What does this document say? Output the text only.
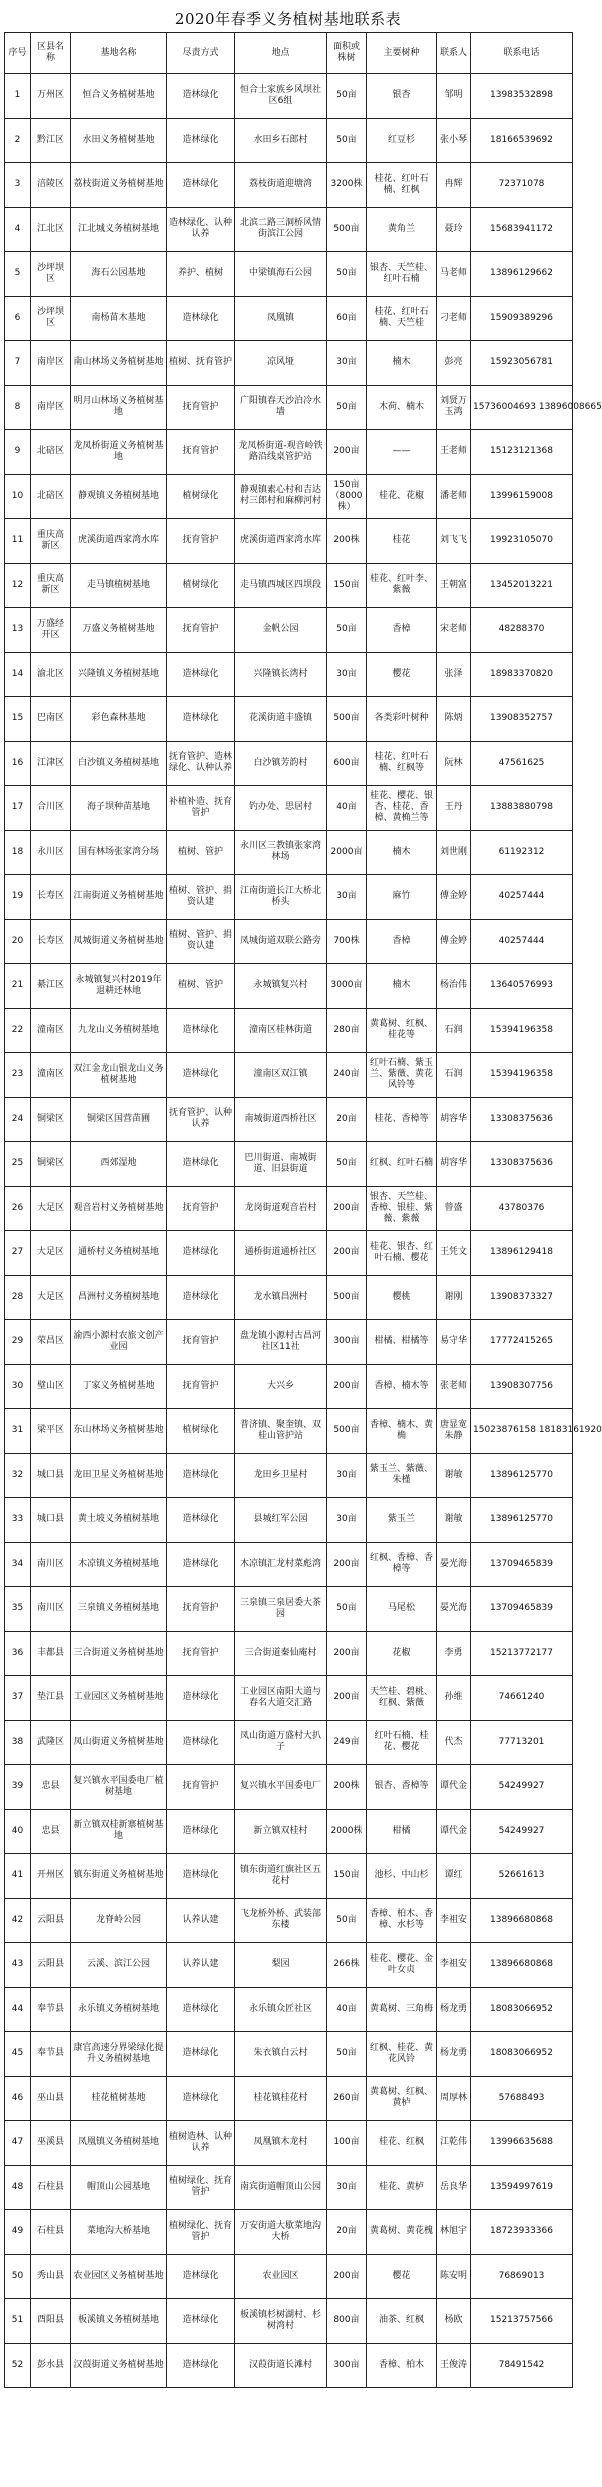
2020年春季义务植树基地联系表
序号	区县名称	基地名称	尽责方式	地点	面积或株树	主要树种	联系人	联系电话
1	万州区	恒合义务植树基地	造林绿化	恒合土家族乡风坝社区6组	50亩	银杏	邹明	13983532898
2	黔江区	水田义务植树基地	造林绿化	水田乡石郎村	50亩	红豆杉	张小琴	18166539692
3	涪陵区	荔枝街道义务植树基地	造林绿化	荔枝街道迎塘湾	3200株	桂花、红叶石楠、红枫	冉辉	72371078
4	江北区	江北城义务植树基地	造林绿化、认种认养	北滨二路三洞桥风情街滨江公园	500亩	黄角兰	聂玲	15683941172
5	沙坪坝区	海石公园基地	养护、植树	中梁镇海石公园	50亩	银杏、天竺桂、红叶石楠	马老师	13896129662
6	沙坪坝区	南杨苗木基地	造林绿化	凤凰镇	60亩	桂花、红叶石楠、天竺桂	刁老师	15909389296
7	南岸区	南山林场义务植树基地	植树、抚育管护	凉风垭	30亩	楠木	彭亮	15923056781
8	南岸区	明月山林场义务植树基地	抚育管护	广阳镇春天沙泊冷水墙	50亩	木荷、楠木	刘贤万玉鸿	15736004693 13896008665
9	北碚区	龙凤桥街道义务植树基地	抚育管护	龙凤桥街道-观音岭铁路沿线桌管护站	200亩	——	王老师	15123121368
10	北碚区	静观镇义务植树基地	植树绿化	静观镇素心村和吉达村三郎村和麻柳河村	150亩（8000株）	桂花、花椒	潘老师	13996159008
11	重庆高新区	虎溪街道西家湾水库	抚育管护	虎溪街道西家湾水库	200株	桂花	刘飞飞	19923105070
12	重庆高新区	走马镇植树基地	植树绿化	走马镇西城区四坝段	150亩	桂花、红叶李、紫薇	王朝富	13452013221
13	万盛经开区	万盛义务植树基地	抚育管护	金帆公园	50亩	香樟	宋老师	48288370
14	渝北区	兴隆镇义务植树基地	造林绿化	兴隆镇长湾村	30亩	樱花	张泽	18983370820
15	巴南区	彩色森林基地	造林绿化	花溪街道丰盛镇	500亩	各类彩叶树种	陈炳	13908352757
16	江津区	白沙镇义务植树基地	抚育管护、造林绿化、认种认养	白沙镇芳韵村	600亩	桂花、红叶石楠、红枫等	阮林	47561625
17	合川区	海子坝种苗基地	补植补造、抚育管护	钓办处、思居村	40亩	桂花、樱花、银杏、桂花、香樟、黄桷兰等	王丹	13883880798
18	永川区	国有林场张家湾分场	植树、管护	永川区三教镇张家湾林场	2000亩	楠木	刘世刚	61192312
19	长寿区	江南街道义务植树基地	植树、管护、捐资认建	江南街道长江大桥北桥头	30亩	麻竹	傅金婷	40257444
20	长寿区	凤城街道义务植树基地	植树、管护、捐资认建	凤城街道双联公路旁	700株	香樟	傅金婷	40257444
21	綦江区	永城镇复兴村2019年退耕还林地	植树、管护	永城镇复兴村	3000亩	楠木	杨治伟	13640576993
22	潼南区	九龙山义务植树基地	造林绿化	潼南区桂林街道	280亩	黄葛树、红枫、桂花等	石润	15394196358
23	潼南区	双江金龙山银龙山义务植树基地	造林绿化	潼南区双江镇	240亩	红叶石楠、紫玉兰、紫薇、黄花风铃等	石润	15394196358
24	铜梁区	铜梁区国营苗圃	抚育管护、认种认养	南城街道西桥社区	20亩	桂花、香樟等	胡容华	13308375636
25	铜梁区	西郊湿地	造林绿化	巴川街道、南城街道、旧县街道	50亩	红枫、红叶石楠	胡容华	13308375636
26	大足区	观音岩村义务植树基地	抚育管护	龙岗街道观音岩村	200亩	银杏、天竺桂、香樟、银桂、紫薇、紫薇	曾盛	43780376
27	大足区	通桥村义务植树基地	造林绿化	通桥街道通桥社区	200亩	桂花、银杏、红叶石楠、樱花	王凭文	13896129418
28	大足区	昌洲村义务植树基地	造林绿化	龙水镇昌洲村	500亩	樱桃	谢刚	13908373327
29	荣昌区	渝西小源村农旅文创产业园	抚育管护	盘龙镇小源村古昌河社区11社	300亩	柑橘、柑橘等	易守华	17772415265
30	璧山区	丁家义务植树基地	抚育管护	大兴乡	200亩	香樟、楠木等	张老师	13908307756
31	梁平区	东山林场义务植树基地	植树绿化	普济镇、聚奎镇、双桂山管护站	500亩	香樟、楠木、黄桷	唐显宽朱静	15023876158 18183161920
32	城口县	龙田卫星义务植树基地	造林绿化	龙田乡卫星村	30亩	紫玉兰、紫薇、朱槿	谢敏	13896125770
33	城口县	黄土坡义务植树基地	造林绿化	县城红军公园	30亩	紫玉兰	谢敏	13896125770
34	南川区	木凉镇义务植树基地	造林绿化	木凉镇汇龙村菜彪湾	200亩	红枫、香樟、香樟等	晏光海	13709465839
35	南川区	三泉镇义务植树基地	抚育管护	三泉镇三泉居委大茶园	50亩	马尾松	晏光海	13709465839
36	丰都县	三合街道义务植树基地	抚育管护	三合街道秦仙庵村	200亩	花椒	李勇	15213772177
37	垫江县	工业园区义务植树基地	造林绿化	工业园区南阳大道与春名大道交汇路	200亩	天竺桂、碧桃、红枫、紫薇	孙维	74661240
38	武隆区	凤山街道义务植树基地	造林绿化	凤山街道万盛村大扒子	249亩	红叶石楠、桂花、樱花	代杰	77713201
39	忠县	复兴镇水平国委电厂植树基地	抚育管护	复兴镇水平国委电厂	200株	银杏、香樟等	谭代金	54249927
40	忠县	新立镇双桂新寨植树基地	造林绿化	新立镇双桂村	2000株	柑橘	谭代金	54249927
41	开州区	镇东街道义务植树基地	造林绿化	镇东街道红旗社区五花村	150亩	池杉、中山杉	谭红	52661613
42	云阳县	龙脊岭公园	认养认建	飞龙桥外桥、武装部东楼	50亩	香樟、柏木、香樟、水杉等	李祖安	13896680868
43	云阳县	云溪、滨江公园	认养认建	梨园	266株	桂花、樱花、金叶女贞	李祖安	13896680868
44	奉节县	永乐镇义务植树基地	造林绿化	永乐镇众匠社区	40亩	黄葛树、三角梅	杨龙勇	18083066952
45	奉节县	康官高速分界梁绿化提升义务植树基地	造林绿化	朱衣镇白云村	50亩	红枫、桂花、黄花风铃	杨龙勇	18083066952
46	巫山县	桂花植树基地	造林绿化	桂花镇桂花村	260亩	黄葛树、红枫、黄栌	周厚林	57688493
47	巫溪县	凤凰镇义务植树基地	植树造林、认种认养	凤凰镇木龙村	100亩	桂花、红枫	江乾伟	13996635688
48	石柱县	帽顶山公园基地	植树绿化、抚育管护	南宾街道帽顶山公园	30亩	桂花、黄栌	岳良华	13594997619
49	石柱县	菜地沟大桥基地	植树绿化、抚育管护	万安街道大歇菜地沟大桥	20亩	黄葛树、黄花槐	林旭宇	18723933366
50	秀山县	农业园区义务植树基地	造林绿化	农业园区	200亩	樱花	陈安明	76869013
51	酉阳县	板溪镇义务植树基地	造林绿化	板溪镇杉树湖村、杉树湾村	800亩	油茶、红枫	杨欧	15213757566
52	彭水县	汉葭街道义务植树基地	造林绿化	汉葭街道长滩村	300亩	香樟、柏木	王俊涛	78491542
